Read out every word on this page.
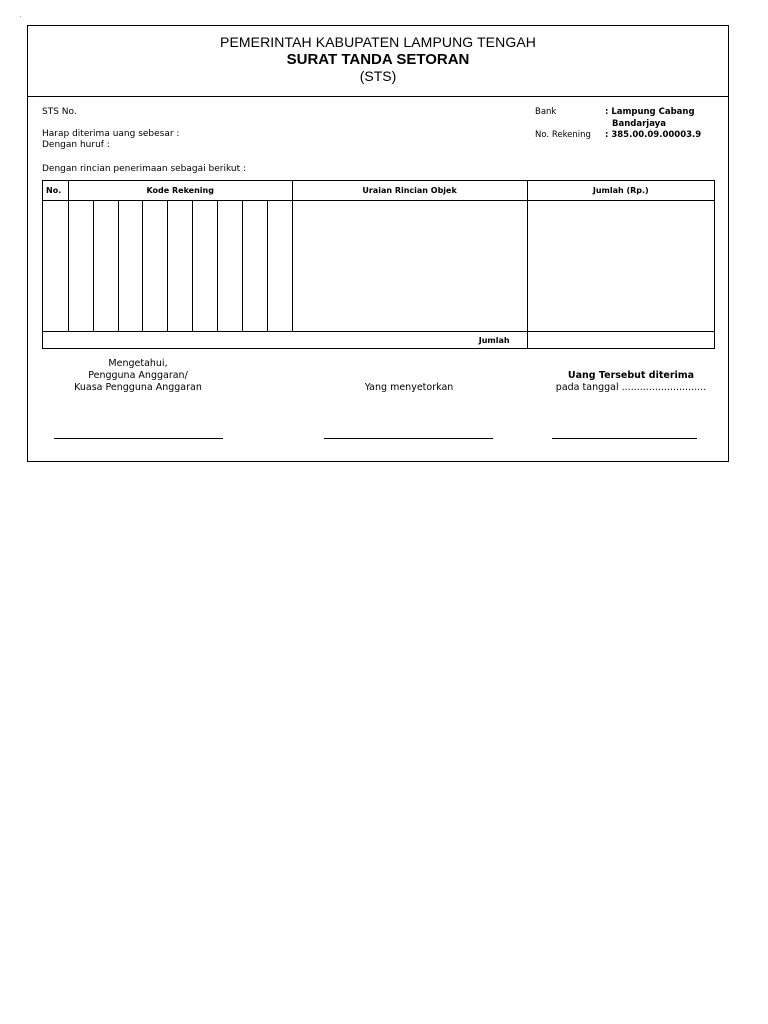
PEMERINTAH KABUPATEN LAMPUNG TENGAH
SURAT TANDA SETORAN
(STS)
STS No.
Harap diterima uang sebesar :
Dengan huruf :
Dengan rincian penerimaan sebagai berikut :
Bank	: Lampung Cabang
Bandarjaya
No. Rekening : 385.00.09.00003.9
No.	Kode Rekening									Uraian Rincian Objek	Jumlah (Rp.)

Jumlah											
Mengetahui,
Pengguna Anggaran/
Kuasa Pengguna Anggaran	Yang menyetorkan
Uang Tersebut diterima
pada tanggal ............................
